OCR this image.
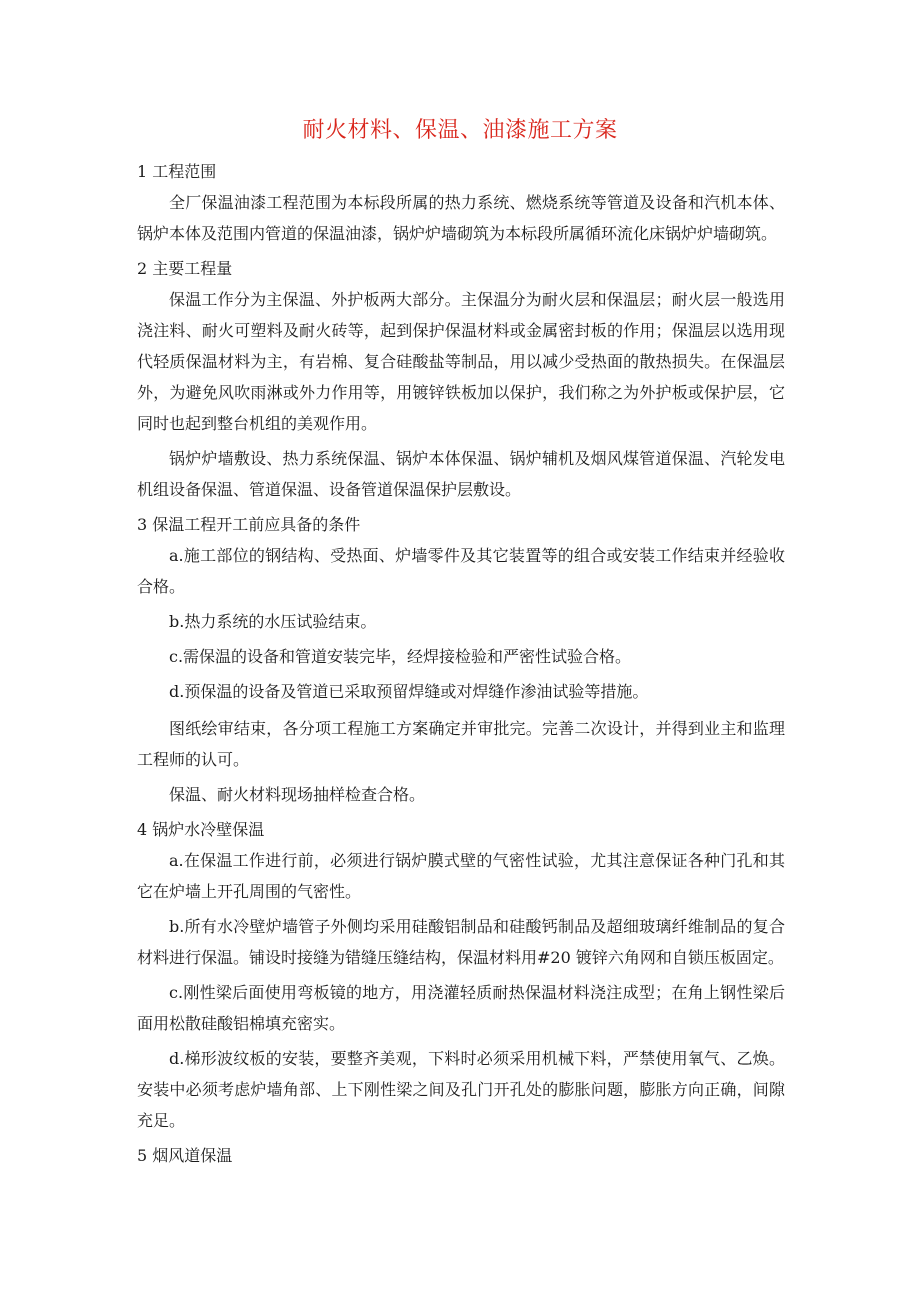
耐火材料、保温、油漆施工方案

1 工程范围

全厂保温油漆工程范围为本标段所属的热力系统、燃烧系统等管道及设备和汽机本体、锅炉本体及范围内管道的保温油漆，锅炉炉墙砌筑为本标段所属循环流化床锅炉炉墙砌筑。

2 主要工程量

保温工作分为主保温、外护板两大部分。主保温分为耐火层和保温层；耐火层一般选用浇注料、耐火可塑料及耐火砖等，起到保护保温材料或金属密封板的作用；保温层以选用现代轻质保温材料为主，有岩棉、复合硅酸盐等制品，用以减少受热面的散热损失。在保温层外，为避免风吹雨淋或外力作用等，用镀锌铁板加以保护，我们称之为外护板或保护层，它同时也起到整台机组的美观作用。

锅炉炉墙敷设、热力系统保温、锅炉本体保温、锅炉辅机及烟风煤管道保温、汽轮发电机组设备保温、管道保温、设备管道保温保护层敷设。

3 保温工程开工前应具备的条件

a.施工部位的钢结构、受热面、炉墙零件及其它装置等的组合或安装工作结束并经验收合格。

b.热力系统的水压试验结束。

c.需保温的设备和管道安装完毕，经焊接检验和严密性试验合格。

d.预保温的设备及管道已采取预留焊缝或对焊缝作渗油试验等措施。

图纸绘审结束，各分项工程施工方案确定并审批完。完善二次设计，并得到业主和监理工程师的认可。

保温、耐火材料现场抽样检查合格。

4 锅炉水冷壁保温

a.在保温工作进行前，必须进行锅炉膜式壁的气密性试验，尤其注意保证各种门孔和其它在炉墙上开孔周围的气密性。

b.所有水冷壁炉墙管子外侧均采用硅酸铝制品和硅酸钙制品及超细玻璃纤维制品的复合材料进行保温。铺设时接缝为错缝压缝结构，保温材料用#20 镀锌六角网和自锁压板固定。

c.刚性梁后面使用弯板镜的地方，用浇灌轻质耐热保温材料浇注成型；在角上钢性梁后面用松散硅酸铝棉填充密实。

d.梯形波纹板的安装，要整齐美观，下料时必须采用机械下料，严禁使用氧气、乙焕。安装中必须考虑炉墙角部、上下刚性梁之间及孔门开孔处的膨胀问题，膨胀方向正确，间隙充足。

5 烟风道保温
